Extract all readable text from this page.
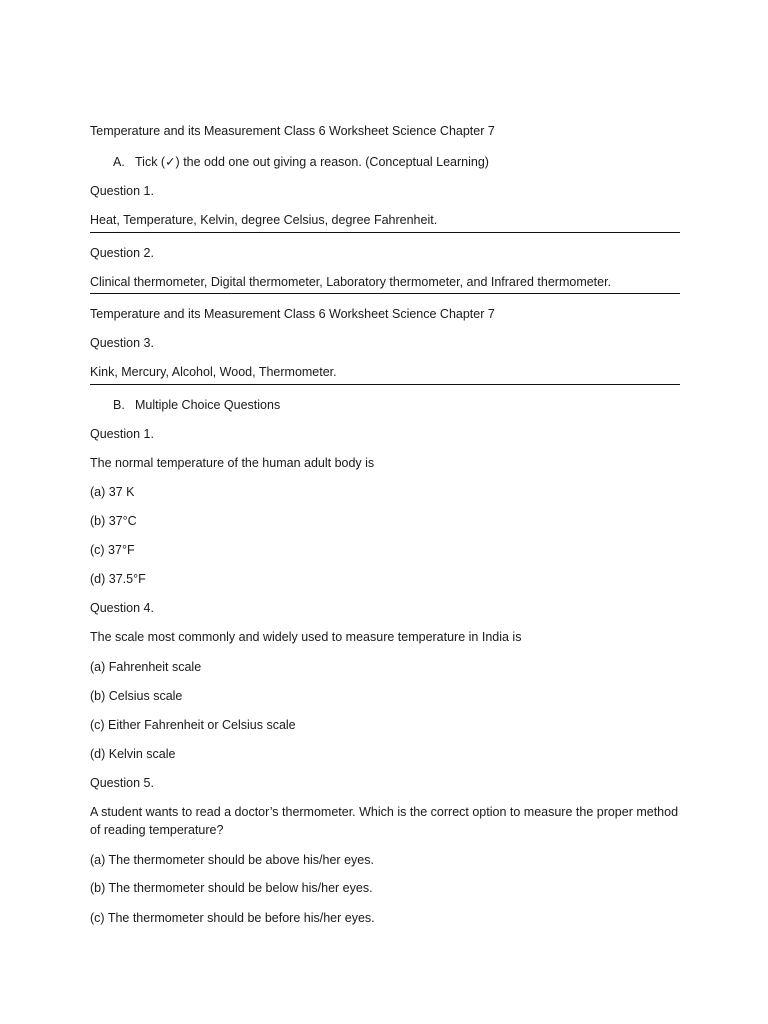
Temperature and its Measurement Class 6 Worksheet Science Chapter 7
A. Tick (✓) the odd one out giving a reason. (Conceptual Learning)
Question 1.
Heat, Temperature, Kelvin, degree Celsius, degree Fahrenheit.
Question 2.
Clinical thermometer, Digital thermometer, Laboratory thermometer, and Infrared thermometer.
Temperature and its Measurement Class 6 Worksheet Science Chapter 7
Question 3.
Kink, Mercury, Alcohol, Wood, Thermometer.
B. Multiple Choice Questions
Question 1.
The normal temperature of the human adult body is
(a) 37 K
(b) 37°C
(c) 37°F
(d) 37.5°F
Question 4.
The scale most commonly and widely used to measure temperature in India is
(a) Fahrenheit scale
(b) Celsius scale
(c) Either Fahrenheit or Celsius scale
(d) Kelvin scale
Question 5.
A student wants to read a doctor’s thermometer. Which is the correct option to measure the proper method of reading temperature?
(a) The thermometer should be above his/her eyes.
(b) The thermometer should be below his/her eyes.
(c) The thermometer should be before his/her eyes.
